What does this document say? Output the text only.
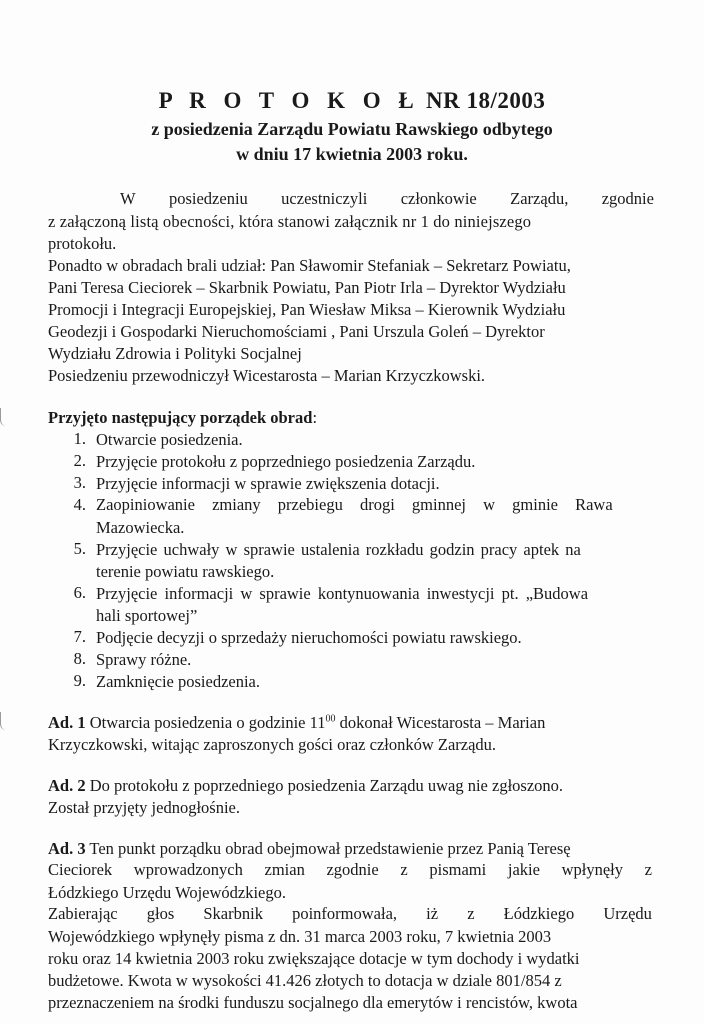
P R O T O K O Ł NR 18/2003
z posiedzenia Zarządu Powiatu Rawskiego odbytego
w dniu 17 kwietnia 2003 roku.
W posiedzeniu uczestniczyli członkowie Zarządu, zgodnie
z załączoną listą obecności, która stanowi załącznik nr 1 do niniejszego
protokołu.
Ponadto w obradach brali udział: Pan Sławomir Stefaniak – Sekretarz Powiatu,
Pani Teresa Cieciorek – Skarbnik Powiatu, Pan Piotr Irla – Dyrektor Wydziału
Promocji i Integracji Europejskiej, Pan Wiesław Miksa – Kierownik Wydziału
Geodezji i Gospodarki Nieruchomościami , Pani Urszula Goleń – Dyrektor
Wydziału Zdrowia i Polityki Socjalnej
Posiedzeniu przewodniczył Wicestarosta – Marian Krzyczkowski.
Przyjęto następujący porządek obrad:
1. Otwarcie posiedzenia.
2. Przyjęcie protokołu z poprzedniego posiedzenia Zarządu.
3. Przyjęcie informacji w sprawie zwiększenia dotacji.
4. Zaopiniowanie zmiany przebiegu drogi gminnej w gminie Rawa
Mazowiecka.
5. Przyjęcie uchwały w sprawie ustalenia rozkładu godzin pracy aptek na
terenie powiatu rawskiego.
6. Przyjęcie informacji w sprawie kontynuowania inwestycji pt. „Budowa
hali sportowej”
7. Podjęcie decyzji o sprzedaży nieruchomości powiatu rawskiego.
8. Sprawy różne.
9. Zamknięcie posiedzenia.
Ad. 1 Otwarcia posiedzenia o godzinie $11^{00}$ dokonał Wicestarosta – Marian
Krzyczkowski, witając zaproszonych gości oraz członków Zarządu.
Ad. 2 Do protokołu z poprzedniego posiedzenia Zarządu uwag nie zgłoszono.
Został przyjęty jednogłośnie.
Ad. 3 Ten punkt porządku obrad obejmował przedstawienie przez Panią Teresę
Cieciorek wprowadzonych zmian zgodnie z pismami jakie wpłynęły z
Łódzkiego Urzędu Wojewódzkiego.
Zabierając głos Skarbnik poinformowała, iż z Łódzkiego Urzędu
Wojewódzkiego wpłynęły pisma z dn. 31 marca 2003 roku, 7 kwietnia 2003
roku oraz 14 kwietnia 2003 roku zwiększające dotacje w tym dochody i wydatki
budżetowe. Kwota w wysokości 41.426 złotych to dotacja w dziale 801/854 z
przeznaczeniem na środki funduszu socjalnego dla emerytów i rencistów, kwota
